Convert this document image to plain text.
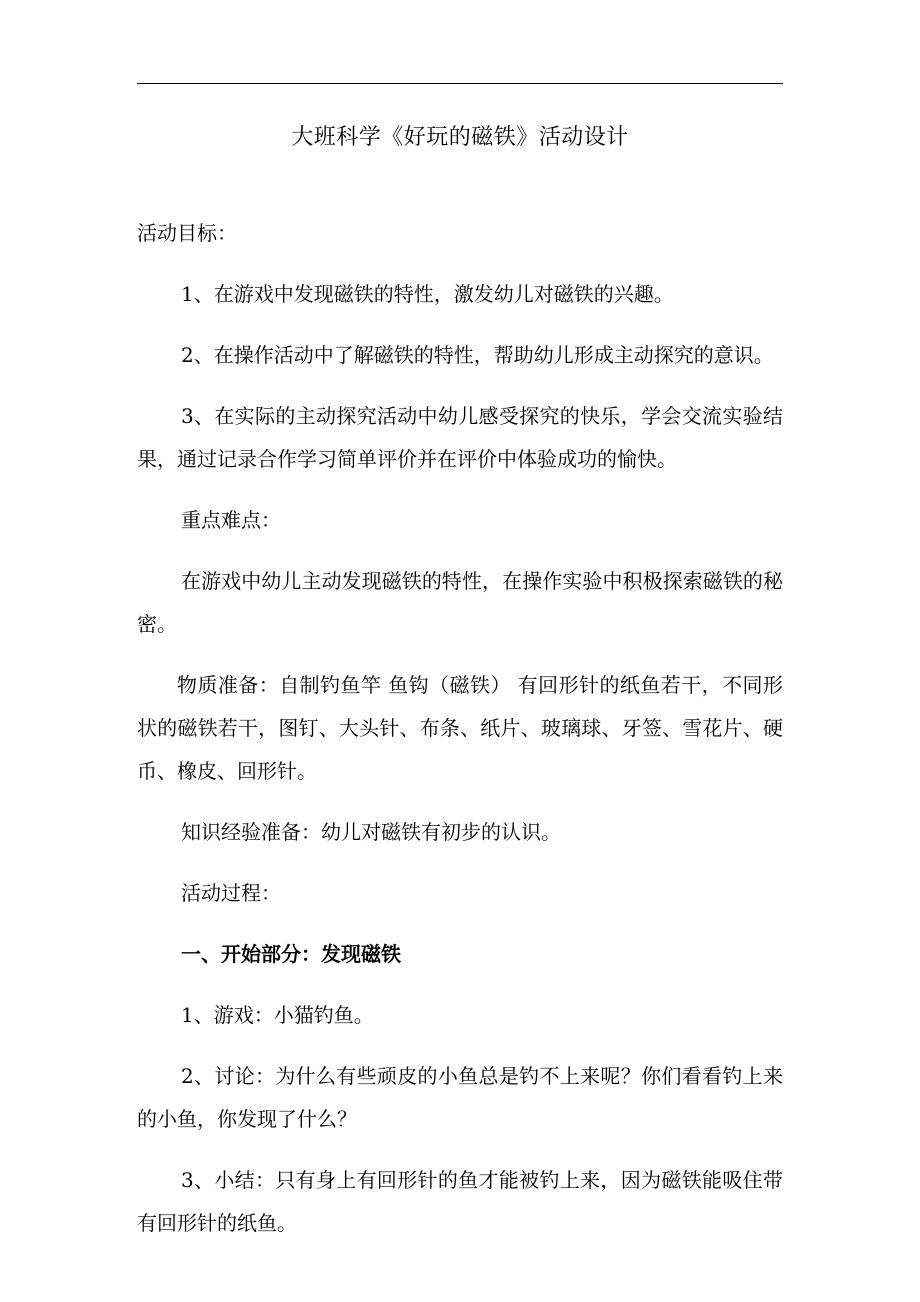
大班科学《好玩的磁铁》活动设计

活动目标：

1、在游戏中发现磁铁的特性，激发幼儿对磁铁的兴趣。

2、在操作活动中了解磁铁的特性，帮助幼儿形成主动探究的意识。

3、在实际的主动探究活动中幼儿感受探究的快乐，学会交流实验结果，通过记录合作学习简单评价并在评价中体验成功的愉快。

重点难点：

在游戏中幼儿主动发现磁铁的特性，在操作实验中积极探索磁铁的秘密。

物质准备：自制钓鱼竿 鱼钩（磁铁） 有回形针的纸鱼若干，不同形状的磁铁若干，图钉、大头针、布条、纸片、玻璃球、牙签、雪花片、硬币、橡皮、回形针。

知识经验准备：幼儿对磁铁有初步的认识。

活动过程：

一、开始部分：发现磁铁

1、游戏：小猫钓鱼。

2、讨论：为什么有些顽皮的小鱼总是钓不上来呢？你们看看钓上来的小鱼，你发现了什么？

3、小结：只有身上有回形针的鱼才能被钓上来，因为磁铁能吸住带有回形针的纸鱼。
